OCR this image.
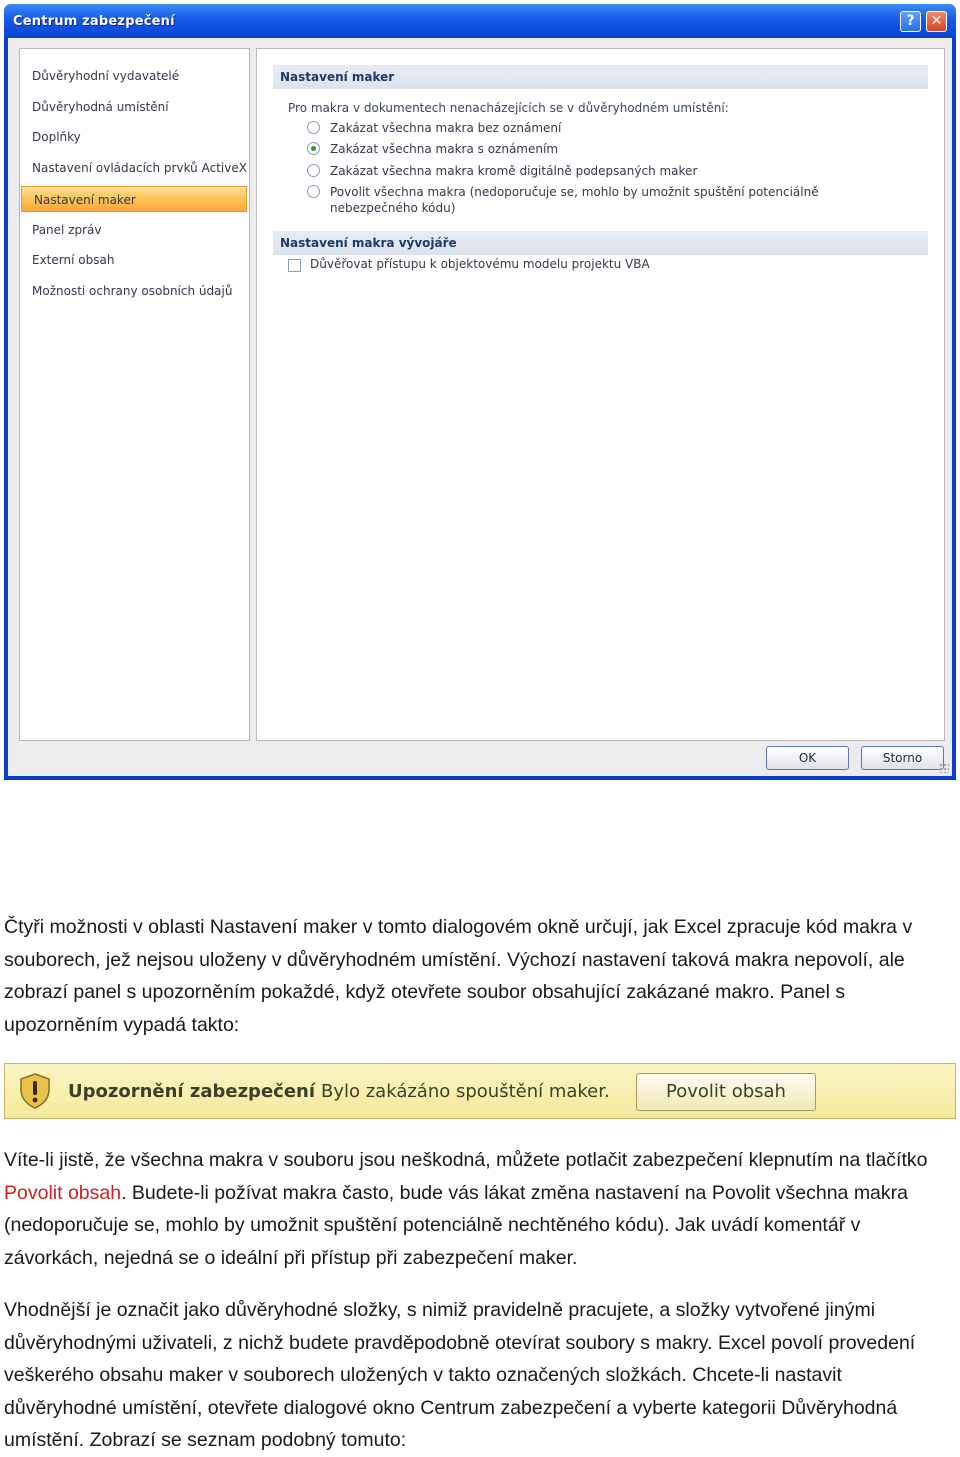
Centrum zabezpečení	?	✕
Důvěryhodní vydavatelé
Důvěryhodná umístění
Doplňky
Nastavení ovládacích prvků ActiveX
Nastavení maker
Panel zpráv
Externí obsah
Možnosti ochrany osobních údajů
Nastavení maker
Pro makra v dokumentech nenacházejících se v důvěryhodném umístění:
Zakázat všechna makra bez oznámení
Zakázat všechna makra s oznámením
Zakázat všechna makra kromě digitálně podepsaných maker
Povolit všechna makra (nedoporučuje se, mohlo by umožnit spuštění potenciálně nebezpečného kódu)
Nastavení makra vývojáře
Důvěřovat přístupu k objektovému modelu projektu VBA
OK	Storno

Čtyři možnosti v oblasti Nastavení maker v tomto dialogovém okně určují, jak Excel zpracuje kód makra v souborech, jež nejsou uloženy v důvěryhodném umístění. Výchozí nastavení taková makra nepovolí, ale zobrazí panel s upozorněním pokaždé, když otevřete soubor obsahující zakázané makro. Panel s upozorněním vypadá takto:

Upozornění zabezpečení Bylo zakázáno spouštění maker.	Povolit obsah

Víte-li jistě, že všechna makra v souboru jsou neškodná, můžete potlačit zabezpečení klepnutím na tlačítko Povolit obsah. Budete-li požívat makra často, bude vás lákat změna nastavení na Povolit všechna makra (nedoporučuje se, mohlo by umožnit spuštění potenciálně nechtěného kódu). Jak uvádí komentář v závorkách, nejedná se o ideální při přístup při zabezpečení maker.

Vhodnější je označit jako důvěryhodné složky, s nimiž pravidelně pracujete, a složky vytvořené jinými důvěryhodnými uživateli, z nichž budete pravděpodobně otevírat soubory s makry. Excel povolí provedení veškerého obsahu maker v souborech uložených v takto označených složkách. Chcete-li nastavit důvěryhodné umístění, otevřete dialogové okno Centrum zabezpečení a vyberte kategorii Důvěryhodná umístění. Zobrazí se seznam podobný tomuto:
